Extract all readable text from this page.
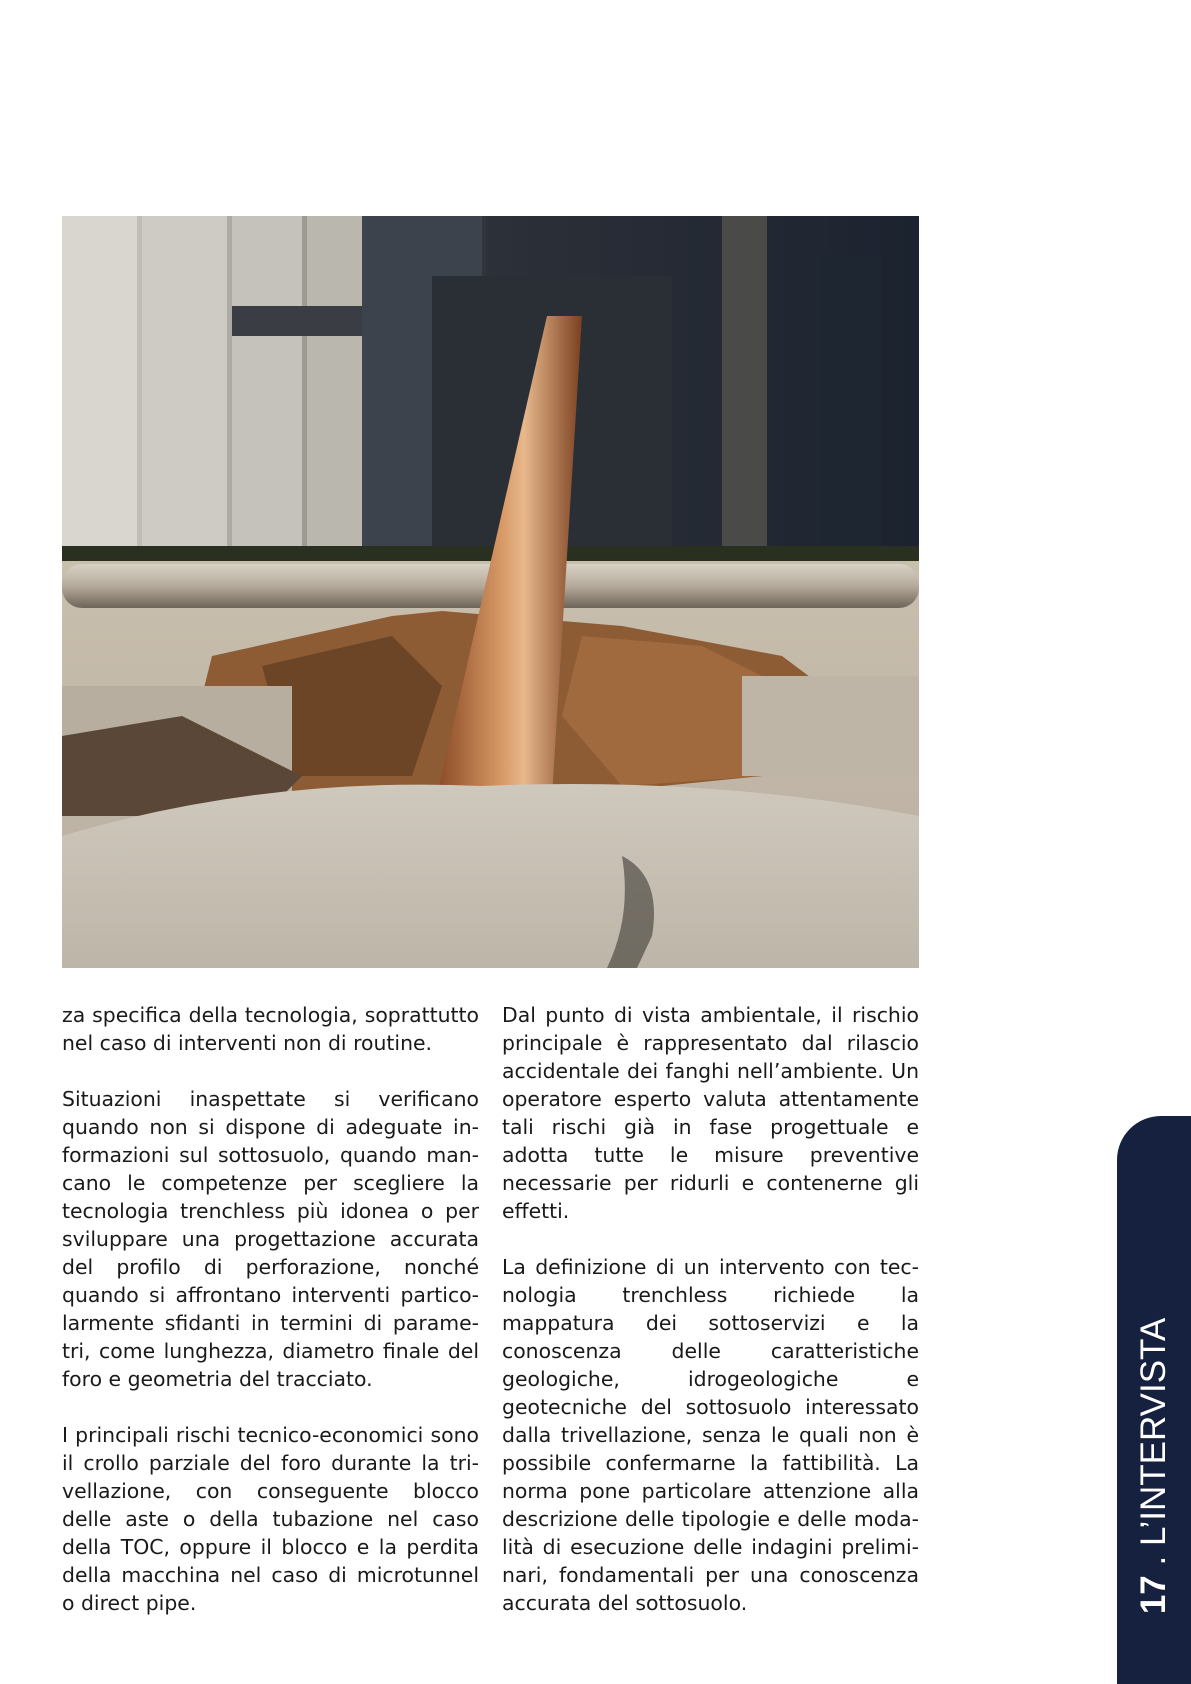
za specifica della tecnologia, soprattutto nel caso di interventi non di routine.

Situazioni inaspettate si verificano quando non si dispone di adeguate informazioni sul sottosuolo, quando mancano le competenze per scegliere la tecnologia trenchless più idonea o per sviluppare una progettazione accurata del profilo di perforazione, nonché quando si affrontano interventi particolarmente sfidanti in termini di parametri, come lunghezza, diametro finale del foro e geometria del tracciato.

I principali rischi tecnico-economici sono il crollo parziale del foro durante la trivellazione, con conseguente blocco delle aste o della tubazione nel caso della TOC, oppure il blocco e la perdita della macchina nel caso di microtunnel o direct pipe.

Dal punto di vista ambientale, il rischio principale è rappresentato dal rilascio accidentale dei fanghi nell’ambiente. Un operatore esperto valuta attentamente tali rischi già in fase progettuale e adotta tutte le misure preventive necessarie per ridurli e contenerne gli effetti.

La definizione di un intervento con tecnologia trenchless richiede la mappatura dei sottoservizi e la conoscenza delle caratteristiche geologiche, idrogeologiche e geotecniche del sottosuolo interessato dalla trivellazione, senza le quali non è possibile confermarne la fattibilità. La norma pone particolare attenzione alla descrizione delle tipologie e delle modalità di esecuzione delle indagini preliminari, fondamentali per una conoscenza accurata del sottosuolo.	17 . L’INTERVISTA
